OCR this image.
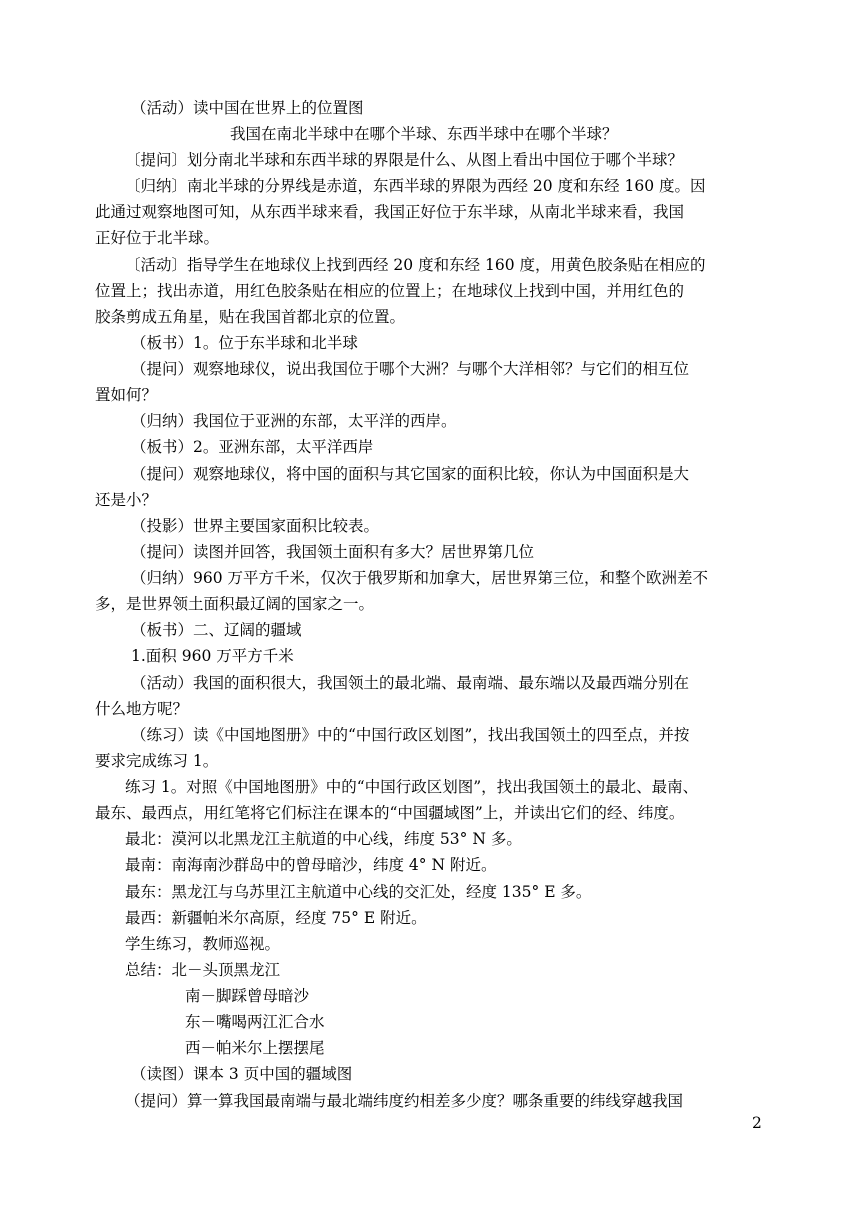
（活动）读中国在世界上的位置图
我国在南北半球中在哪个半球、东西半球中在哪个半球？
〔提问〕划分南北半球和东西半球的界限是什么、从图上看出中国位于哪个半球？
〔归纳〕南北半球的分界线是赤道，东西半球的界限为西经 20 度和东经 160 度。因
此通过观察地图可知，从东西半球来看，我国正好位于东半球，从南北半球来看，我国
正好位于北半球。
〔活动〕指导学生在地球仪上找到西经 20 度和东经 160 度，用黄色胶条贴在相应的
位置上；找出赤道，用红色胶条贴在相应的位置上；在地球仪上找到中国，并用红色的
胶条剪成五角星，贴在我国首都北京的位置。
（板书）1。位于东半球和北半球
（提问）观察地球仪，说出我国位于哪个大洲？与哪个大洋相邻？与它们的相互位
置如何？
（归纳）我国位于亚洲的东部，太平洋的西岸。
（板书）2。亚洲东部，太平洋西岸
（提问）观察地球仪，将中国的面积与其它国家的面积比较，你认为中国面积是大
还是小？
（投影）世界主要国家面积比较表。
（提问）读图并回答，我国领土面积有多大？居世界第几位
（归纳）960 万平方千米，仅次于俄罗斯和加拿大，居世界第三位，和整个欧洲差不
多，是世界领土面积最辽阔的国家之一。
（板书）二、辽阔的疆域
1.面积 960 万平方千米
（活动）我国的面积很大，我国领土的最北端、最南端、最东端以及最西端分别在
什么地方呢？
（练习）读《中国地图册》中的“中国行政区划图”，找出我国领土的四至点，并按
要求完成练习 1。
练习 1。对照《中国地图册》中的“中国行政区划图”，找出我国领土的最北、最南、
最东、最西点，用红笔将它们标注在课本的“中国疆域图”上，并读出它们的经、纬度。
最北：漠河以北黑龙江主航道的中心线，纬度 53° N 多。
最南：南海南沙群岛中的曾母暗沙，纬度 4° N 附近。
最东：黑龙江与乌苏里江主航道中心线的交汇处，经度 135° E 多。
最西：新疆帕米尔高原，经度 75° E 附近。
学生练习，教师巡视。
总结：北－头顶黑龙江
南－脚踩曾母暗沙
东－嘴喝两江汇合水
西－帕米尔上摆摆尾
（读图）课本 3 页中国的疆域图
（提问）算一算我国最南端与最北端纬度约相差多少度？哪条重要的纬线穿越我国
2
